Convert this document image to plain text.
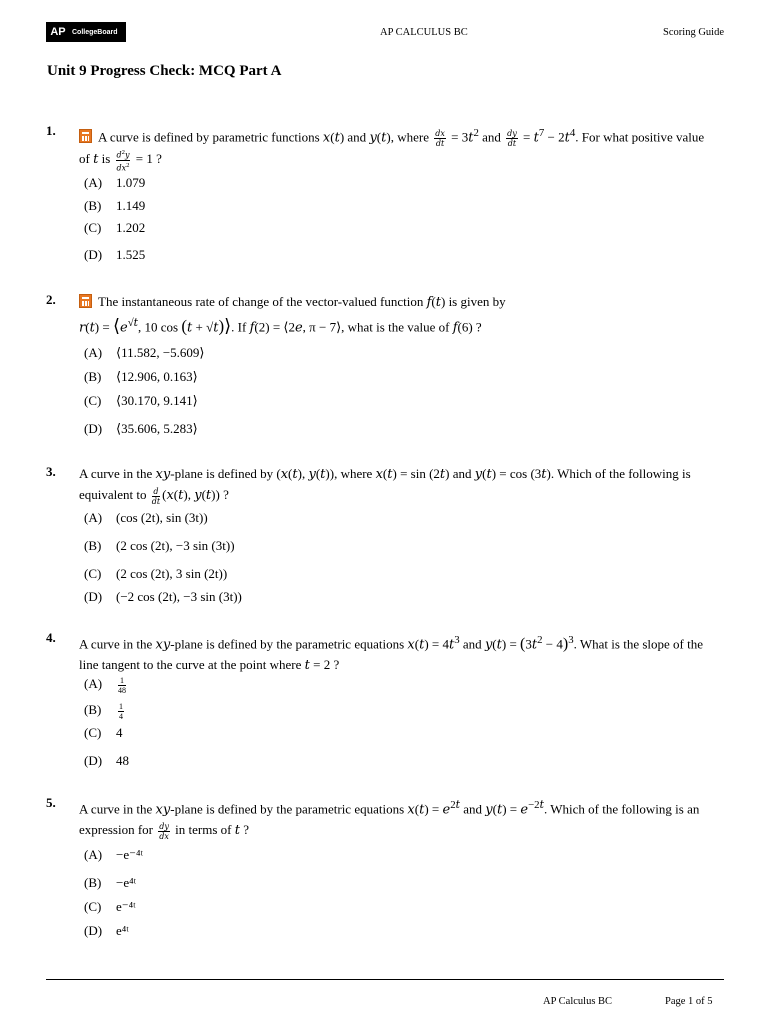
AP CollegeBoard	AP CALCULUS BC	Scoring Guide
Unit 9 Progress Check: MCQ Part A
1.	A curve is defined by parametric functions x(t) and y(t), where $\frac{dx}{dt} = 3t^2$ and $\frac{dy}{dt} = t^7 - 2t^4$. For what positive value of t is $\frac{d^2y}{dx^2} = 1$ ?
(A) 1.079
(B) 1.149
(C) 1.202
(D) 1.525
2.	The instantaneous rate of change of the vector-valued function f(t) is given by
$r(t) = ⟨e^{√t}$, 10 cos (t + √t)⟩. If f(2) = ⟨2e, π − 7⟩, what is the value of f(6) ?
(A) ⟨11.582, −5.609⟩
(B) ⟨12.906, 0.163⟩
(C) ⟨30.170, 9.141⟩
(D) ⟨35.606, 5.283⟩
3. A curve in the xy-plane is defined by (x(t), y(t)), where x(t) = sin (2t) and y(t) = cos (3t). Which of the following is equivalent to $\frac{d}{dt} (x(t)$, y(t)) ?
(A) (cos (2t), sin (3t))
(B) (2 cos (2t), −3 sin (3t))
(C) (2 cos (2t), 3 sin (2t))
(D) (−2 cos (2t), −3 sin (3t))
4. A curve in the xy-plane is defined by the parametric equations $x(t) = 4t^3$ and $y(t) = (3t^2 - 4)^3$. What is the slope of the line tangent to the curve at the point where t = 2 ?
$(A) \frac{1}{48}$
$(B) \frac{1}{4}$
(C) 4
(D) 48
5. A curve in the xy-plane is defined by the parametric equations $x(t) = e^{2t}$ and $y(t) = e^{-2t}$. Which of the following is an expression for $\frac{dy}{dx}$ in terms of t ?
(A) −e⁻⁴ᵗ
(B) −e⁴ᵗ
(C) e⁻⁴ᵗ
(D) e⁴ᵗ
AP Calculus BC	Page 1 of 5
